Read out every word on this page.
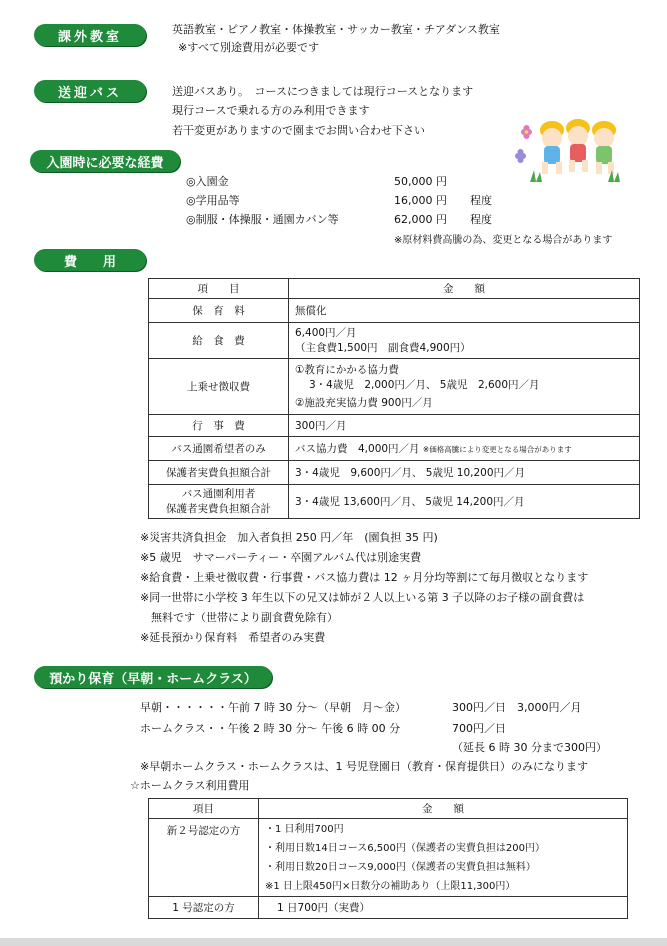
課外教室	英語教室・ピアノ教室・体操教室・サッカー教室・チアダンス教室
※すべて別途費用が必要です
送迎バス	送迎バスあり。　コースにつきましては現行コースとなります
現行コースで乗れる方のみ利用できます
若干変更がありますので園までお問い合わせ下さい
入園時に必要な経費
◎入園金	50,000 円
◎学用品等	16,000 円 程度
◎制服・体操服・通園カバン等	62,000 円 程度
※原材料費高騰の為、変更となる場合があります
費　　用
項　　目	金　　額
保　育　料	無償化
給　食　費	6,400円／月
（主食費1,500円　副食費4,900円）

上乗せ徴収費	①教育にかかる協力費
3・4歳児　2,000円／月、 5歳児　2,600円／月
②施設充実協力費 900円／月

行　事　費	300円／月
バス通園希望者のみ	バス協力費　4,000円／月 ※価格高騰により変更となる場合があります
保護者実費負担額合計	3・4歳児　9,600円／月、 5歳児 10,200円／月

バス通園利用者
保護者実費負担額合計	3・4歳児 13,600円／月、 5歳児 14,200円／月
※災害共済負担金　加入者負担 250 円／年　(園負担 35 円)
※5 歳児　サマーパーティー・卒園アルバム代は別途実費
※給食費・上乗せ徴収費・行事費・バス協力費は 12 ヶ月分均等割にて毎月徴収となります
※同一世帯に小学校 3 年生以下の兄又は姉が２人以上いる第 3 子以降のお子様の副食費は
　無料です（世帯により副食費免除有）
※延長預かり保育料　希望者のみ実費
預かり保育（早朝・ホームクラス）
早朝・・・・・・午前 7 時 30 分～（早朝　月～金）	300円／日　3,000円／月
ホームクラス・・午後 2 時 30 分～ 午後 6 時 00 分	700円／日
（延長 6 時 30 分まで300円）
※早朝ホームクラス・ホームクラスは、1 号児登園日（教育・保育提供日）のみになります
☆ホームクラス利用費用
項目	金　　額
新２号認定の方	・1 日利用700円
・利用日数14日コース6,500円（保護者の実費負担は200円）
・利用日数20日コース9,000円（保護者の実費負担は無料）
※1 日上限450円×日数分の補助あり（上限11,300円）

1 号認定の方	1 日700円（実費）
